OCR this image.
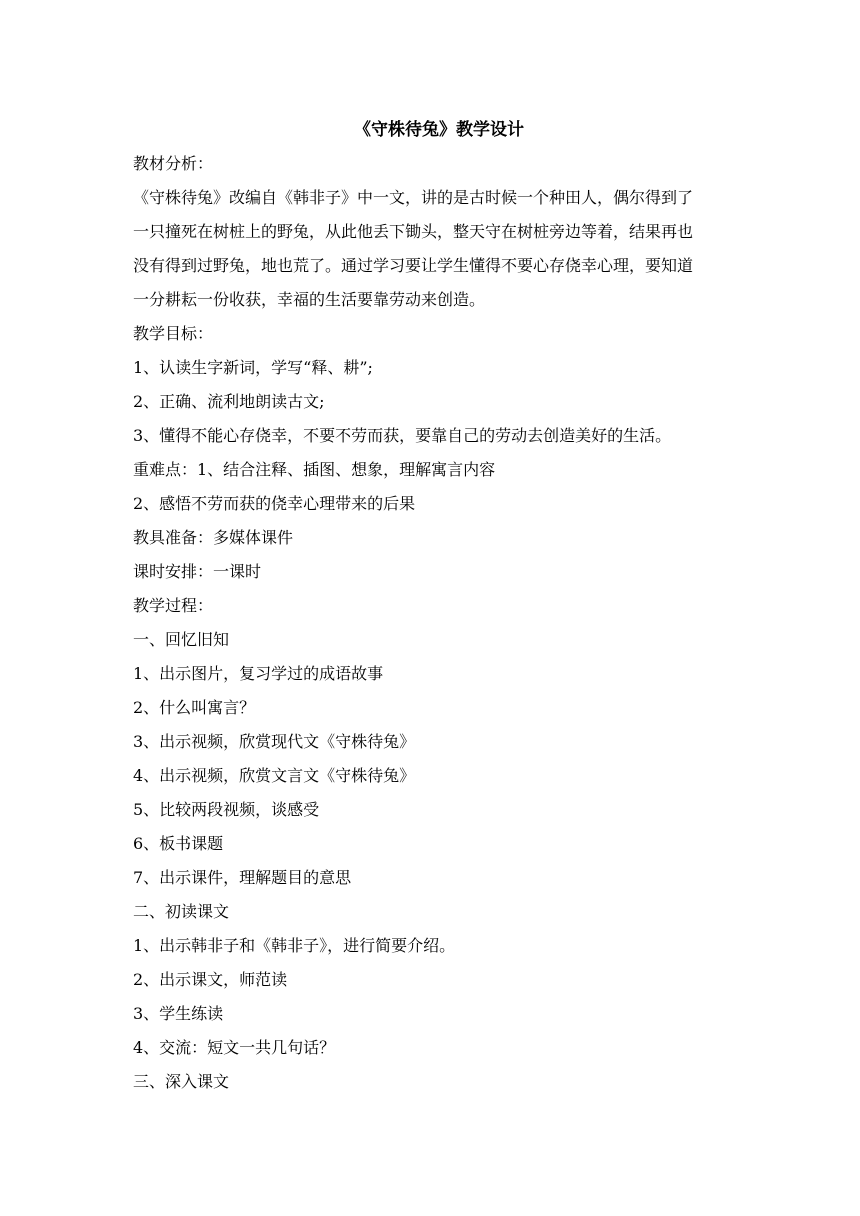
《守株待兔》教学设计

教材分析：

《守株待兔》改编自《韩非子》中一文，讲的是古时候一个种田人，偶尔得到了

一只撞死在树桩上的野兔，从此他丢下锄头，整天守在树桩旁边等着，结果再也

没有得到过野兔，地也荒了。通过学习要让学生懂得不要心存侥幸心理，要知道

一分耕耘一份收获，幸福的生活要靠劳动来创造。

教学目标：

1、认读生字新词，学写“释、耕”;

2、正确、流利地朗读古文;

3、懂得不能心存侥幸，不要不劳而获，要靠自己的劳动去创造美好的生活。

重难点：1、结合注释、插图、想象，理解寓言内容

2、感悟不劳而获的侥幸心理带来的后果

教具准备：多媒体课件

课时安排：一课时

教学过程：

一、回忆旧知

1、出示图片，复习学过的成语故事

2、什么叫寓言？

3、出示视频，欣赏现代文《守株待兔》

4、出示视频，欣赏文言文《守株待兔》

5、比较两段视频，谈感受

6、板书课题

7、出示课件，理解题目的意思

二、初读课文

1、出示韩非子和《韩非子》，进行简要介绍。

2、出示课文，师范读

3、学生练读

4、交流：短文一共几句话？

三、深入课文
